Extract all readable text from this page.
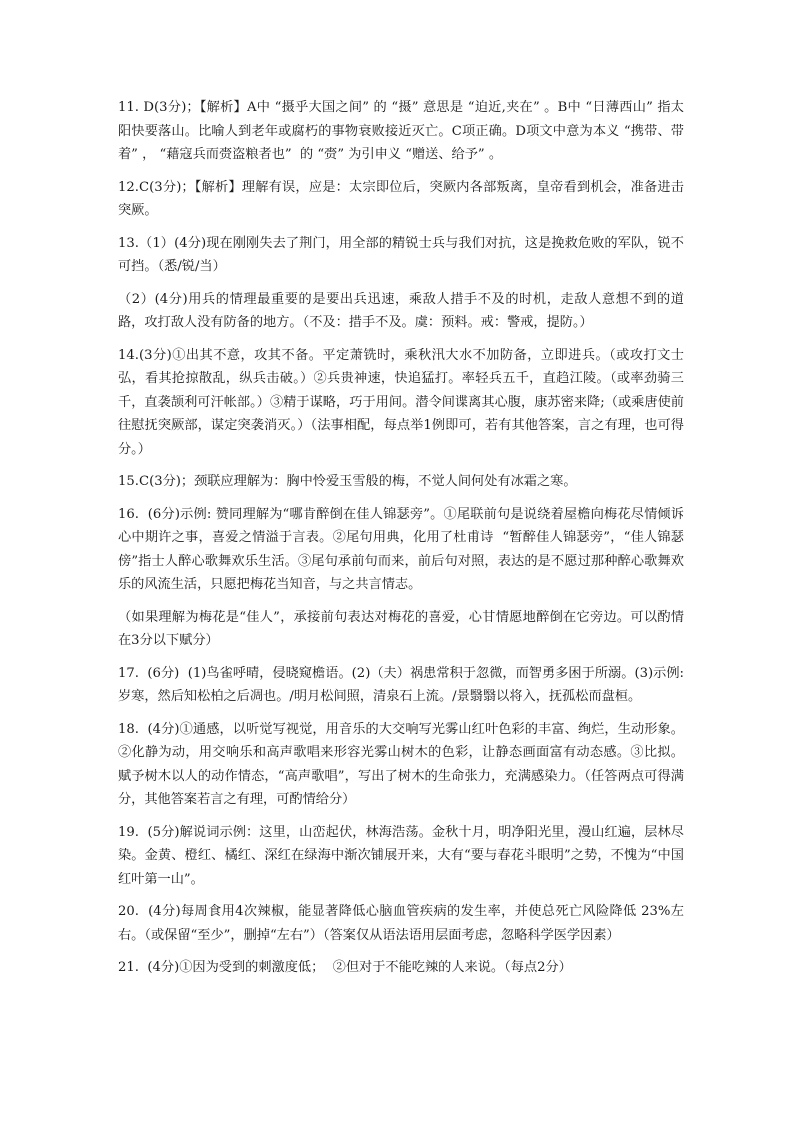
11. D(3分)；【解析】A中 “摄乎大国之间” 的 “摄” 意思是 “迫近,夹在” 。B中 “日薄西山” 指太阳快要落山。比喻人到老年或腐朽的事物衰败接近灭亡。C项正确。D项文中意为本义 “携带、带着” ， “藉寇兵而赍盗粮者也”  的 “赍” 为引申义 “赠送、给予” 。

12.C(3分)；【解析】理解有误，应是：太宗即位后，突厥内各部叛离，皇帝看到机会，准备进击突厥。

13.（1）(4分)现在刚刚失去了荆门，用全部的精锐士兵与我们对抗，这是挽救危败的军队，锐不可挡。（悉/锐/当）

（2）(4分)用兵的情理最重要的是要出兵迅速，乘敌人措手不及的时机，走敌人意想不到的道路，攻打敌人没有防备的地方。（不及：措手不及。虞：预料。戒：警戒，提防。）

14.(3分)①出其不意，攻其不备。平定萧铣时，乘秋汛大水不加防备，立即进兵。（或攻打文士弘，看其抢掠散乱，纵兵击破。）②兵贵神速，快追猛打。率轻兵五千，直趋江陵。（或率劲骑三千，直袭颉利可汗帐部。）③精于谋略，巧于用间。潜令间谍离其心腹，康苏密来降;（或乘唐使前往慰抚突厥部，谋定突袭消灭。）（法事相配，每点举1例即可，若有其他答案，言之有理，也可得分。）

15.C(3分)；颈联应理解为：胸中怜爱玉雪般的梅，不觉人间何处有冰霜之寒。

16.  (6分)示例: 赞同理解为“哪肯醉倒在佳人锦瑟旁”。①尾联前句是说绕着屋檐向梅花尽情倾诉心中期许之事，喜爱之情溢于言表。②尾句用典，化用了杜甫诗  “暂醉佳人锦瑟旁”，“佳人锦瑟傍”指士人醉心歌舞欢乐生活。③尾句承前句而来，前后句对照，表达的是不愿过那种醉心歌舞欢乐的风流生活，只愿把梅花当知音，与之共言情志。

（如果理解为梅花是“佳人”，承接前句表达对梅花的喜爱，心甘情愿地醉倒在它旁边。可以酌情在3分以下赋分）

17.  (6分)  (1)鸟雀呼晴，侵晓窥檐语。(2)（夫）祸患常积于忽微，而智勇多困于所溺。(3)示例: 岁寒，然后知松柏之后凋也。/明月松间照，清泉石上流。/景翳翳以将入，抚孤松而盘桓。

18.  (4分)①通感，以听觉写视觉，用音乐的大交响写光雾山红叶色彩的丰富、绚烂，生动形象。②化静为动，用交响乐和高声歌唱来形容光雾山树木的色彩，让静态画面富有动态感。③比拟。赋予树木以人的动作情态，“高声歌唱”，写出了树木的生命张力，充满感染力。（任答两点可得满分，其他答案若言之有理，可酌情给分）

19.  (5分)解说词示例：这里，山峦起伏，林海浩荡。金秋十月，明净阳光里，漫山红遍，层林尽染。金黄、橙红、橘红、深红在绿海中渐次铺展开来，大有“要与春花斗眼明”之势，不愧为“中国红叶第一山”。

20.  (4分)每周食用4次辣椒，能显著降低心脑血管疾病的发生率，并使总死亡风险降低 23%左右。（或保留“至少”，删掉“左右”）（答案仅从语法语用层面考虑，忽略科学医学因素）

21.  (4分)①因为受到的刺激度低；  ②但对于不能吃辣的人来说。（每点2分）
